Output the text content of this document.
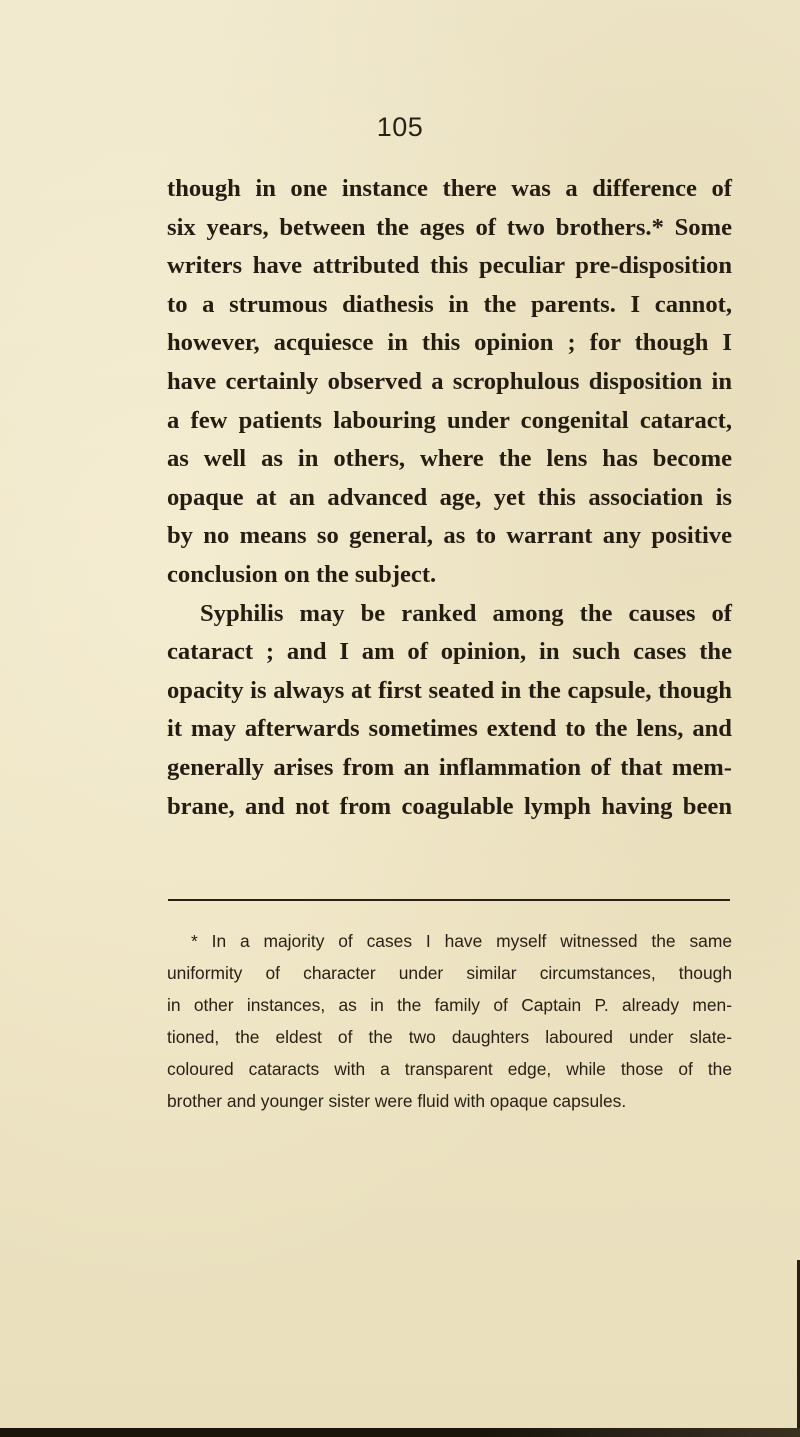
105
though in one instance there was a difference of
six years, between the ages of two brothers.* Some
writers have attributed this peculiar pre-disposition
to a strumous diathesis in the parents. I cannot,
however, acquiesce in this opinion ; for though I
have certainly observed a scrophulous disposition in
a few patients labouring under congenital cataract,
as well as in others, where the lens has become
opaque at an advanced age, yet this association is
by no means so general, as to warrant any positive
conclusion on the subject.
Syphilis may be ranked among the causes of
cataract ; and I am of opinion, in such cases the
opacity is always at first seated in the capsule, though
it may afterwards sometimes extend to the lens, and
generally arises from an inflammation of that mem-
brane, and not from coagulable lymph having been
* In a majority of cases I have myself witnessed the same
uniformity of character under similar circumstances, though
in other instances, as in the family of Captain P. already men-
tioned, the eldest of the two daughters laboured under slate-
coloured cataracts with a transparent edge, while those of the
brother and younger sister were fluid with opaque capsules.
